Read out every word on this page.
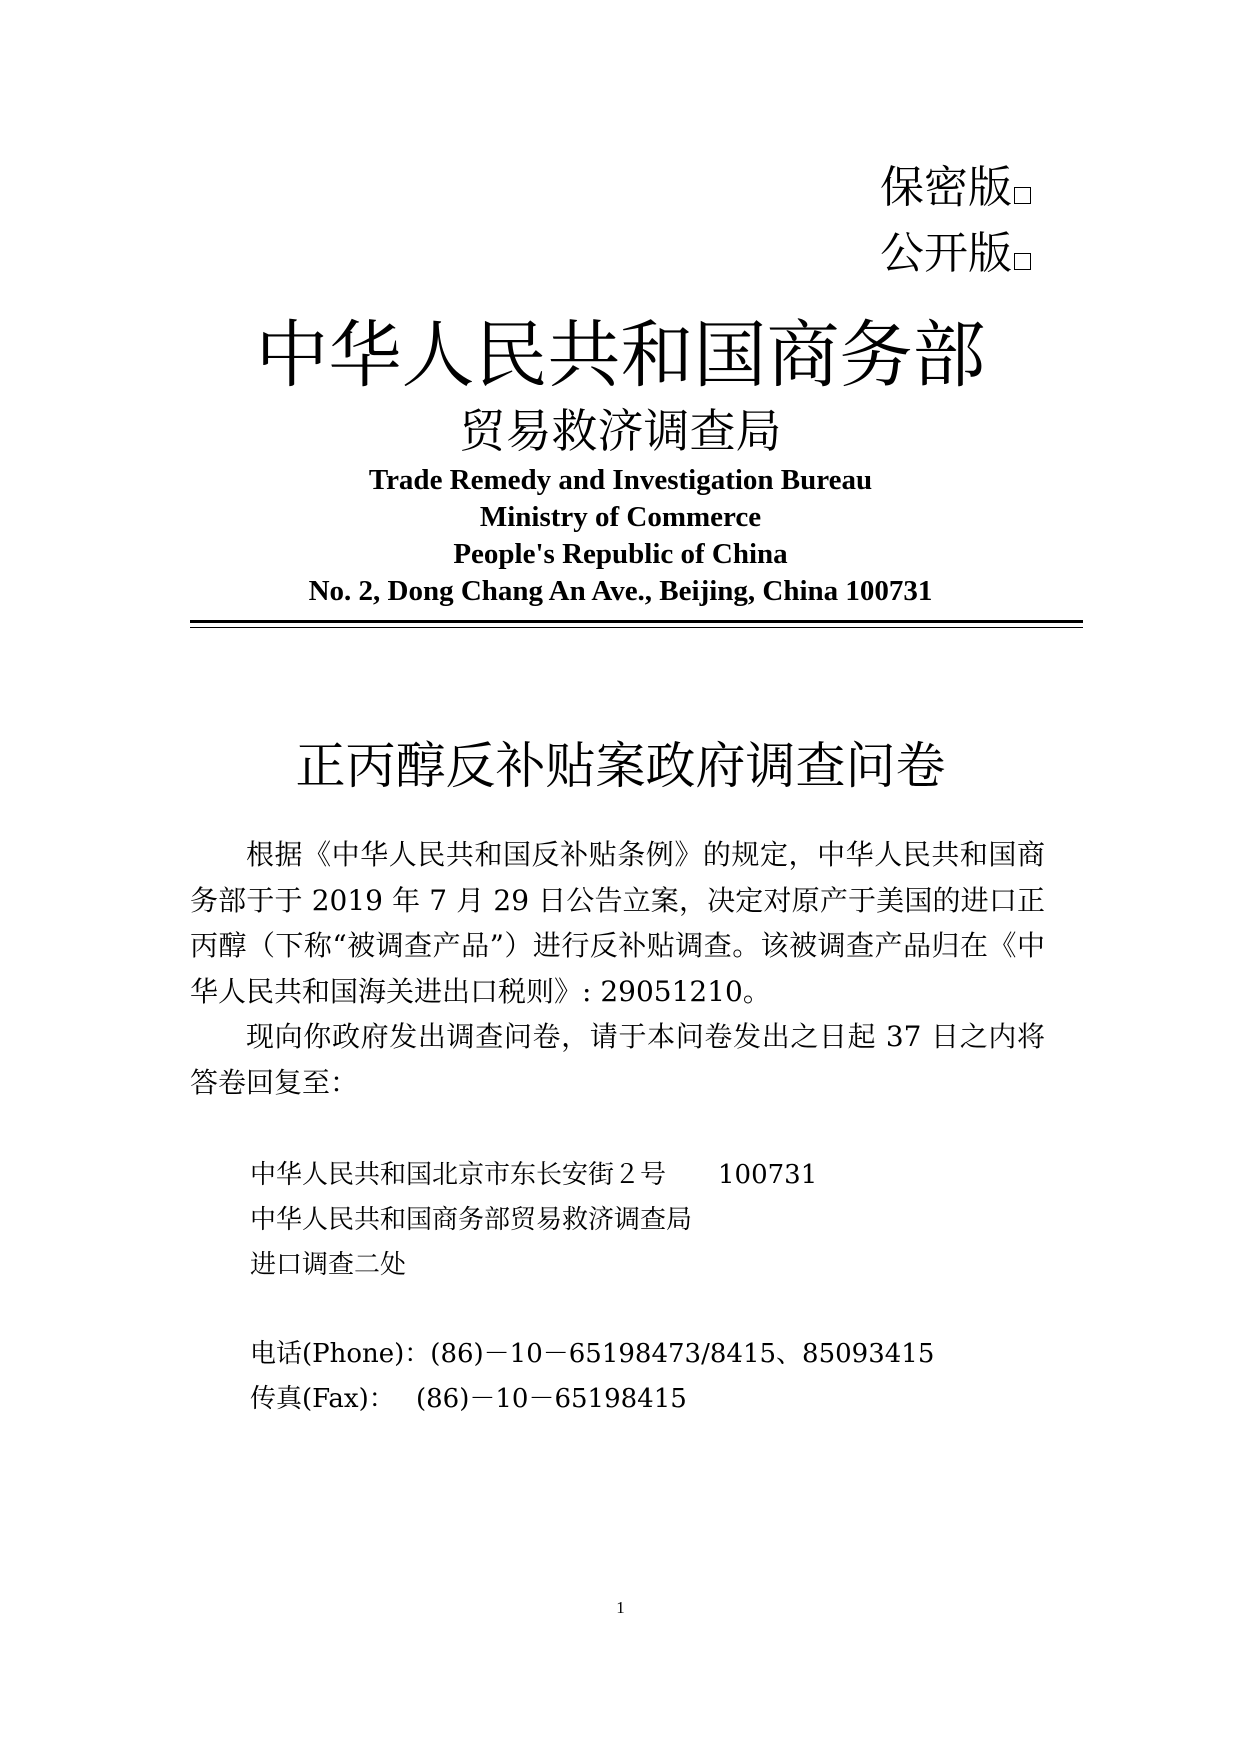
保密版
公开版
中华人民共和国商务部
贸易救济调查局
Trade Remedy and Investigation Bureau
Ministry of Commerce
People's Republic of China
No. 2, Dong Chang An Ave., Beijing, China 100731
正丙醇反补贴案政府调查问卷

根据《中华人民共和国反补贴条例》的规定，中华人民共和国商务部于于 2019 年 7 月 29 日公告立案，决定对原产于美国的进口正丙醇（下称“被调查产品”）进行反补贴调查。该被调查产品归在《中华人民共和国海关进出口税则》: 29051210。

现向你政府发出调查问卷，请于本问卷发出之日起 37 日之内将答卷回复至：

中华人民共和国北京市东长安街２号　　100731
中华人民共和国商务部贸易救济调查局
进口调查二处
电话(Phone)：(86)－10－65198473/8415、85093415
传真(Fax)：　 (86)－10－65198415
1
